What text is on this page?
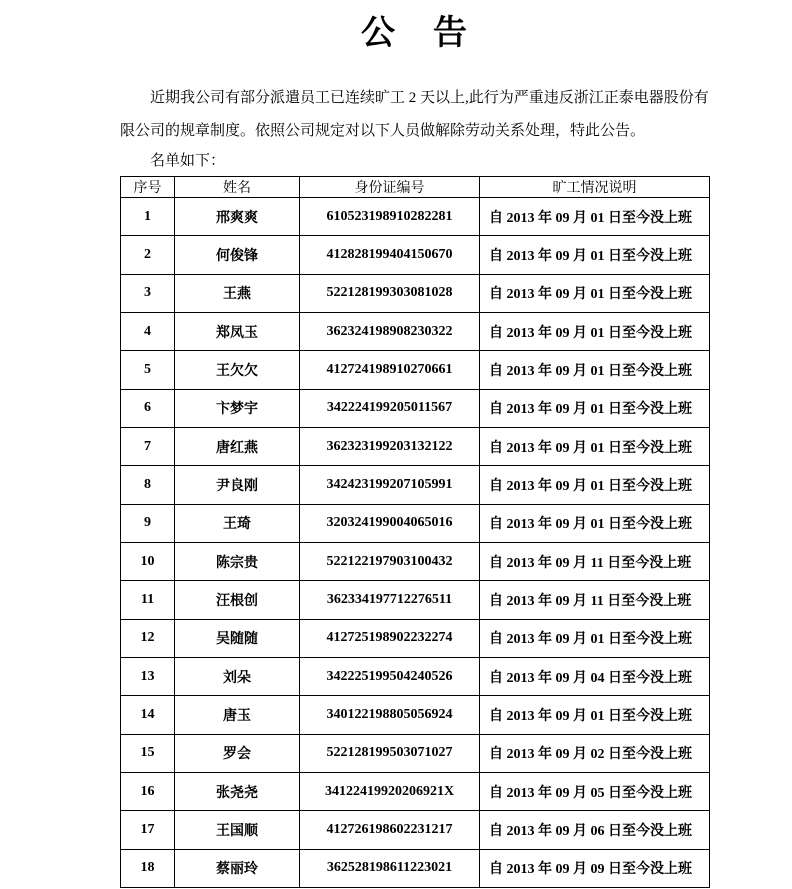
公　告

近期我公司有部分派遣员工已连续旷工 2 天以上,此行为严重违反浙江正泰电器股份有限公司的规章制度。依照公司规定对以下人员做解除劳动关系处理，特此公告。

名单如下：

序号	姓名	身份证编号	旷工情况说明
1	邢爽爽	610523198910282281	自 2013 年 09 月 01 日至今没上班
2	何俊锋	412828199404150670	自 2013 年 09 月 01 日至今没上班
3	王燕	522128199303081028	自 2013 年 09 月 01 日至今没上班
4	郑凤玉	362324198908230322	自 2013 年 09 月 01 日至今没上班
5	王欠欠	412724198910270661	自 2013 年 09 月 01 日至今没上班
6	卞梦宇	342224199205011567	自 2013 年 09 月 01 日至今没上班
7	唐红燕	362323199203132122	自 2013 年 09 月 01 日至今没上班
8	尹良刚	342423199207105991	自 2013 年 09 月 01 日至今没上班
9	王琦	320324199004065016	自 2013 年 09 月 01 日至今没上班
10	陈宗贵	522122197903100432	自 2013 年 09 月 11 日至今没上班
11	汪根创	362334197712276511	自 2013 年 09 月 11 日至今没上班
12	吴随随	412725198902232274	自 2013 年 09 月 01 日至今没上班
13	刘朵	342225199504240526	自 2013 年 09 月 04 日至今没上班
14	唐玉	340122198805056924	自 2013 年 09 月 01 日至今没上班
15	罗会	522128199503071027	自 2013 年 09 月 02 日至今没上班
16	张尧尧	34122419920206921X	自 2013 年 09 月 05 日至今没上班
17	王国顺	412726198602231217	自 2013 年 09 月 06 日至今没上班
18	蔡丽玲	362528198611223021	自 2013 年 09 月 09 日至今没上班
